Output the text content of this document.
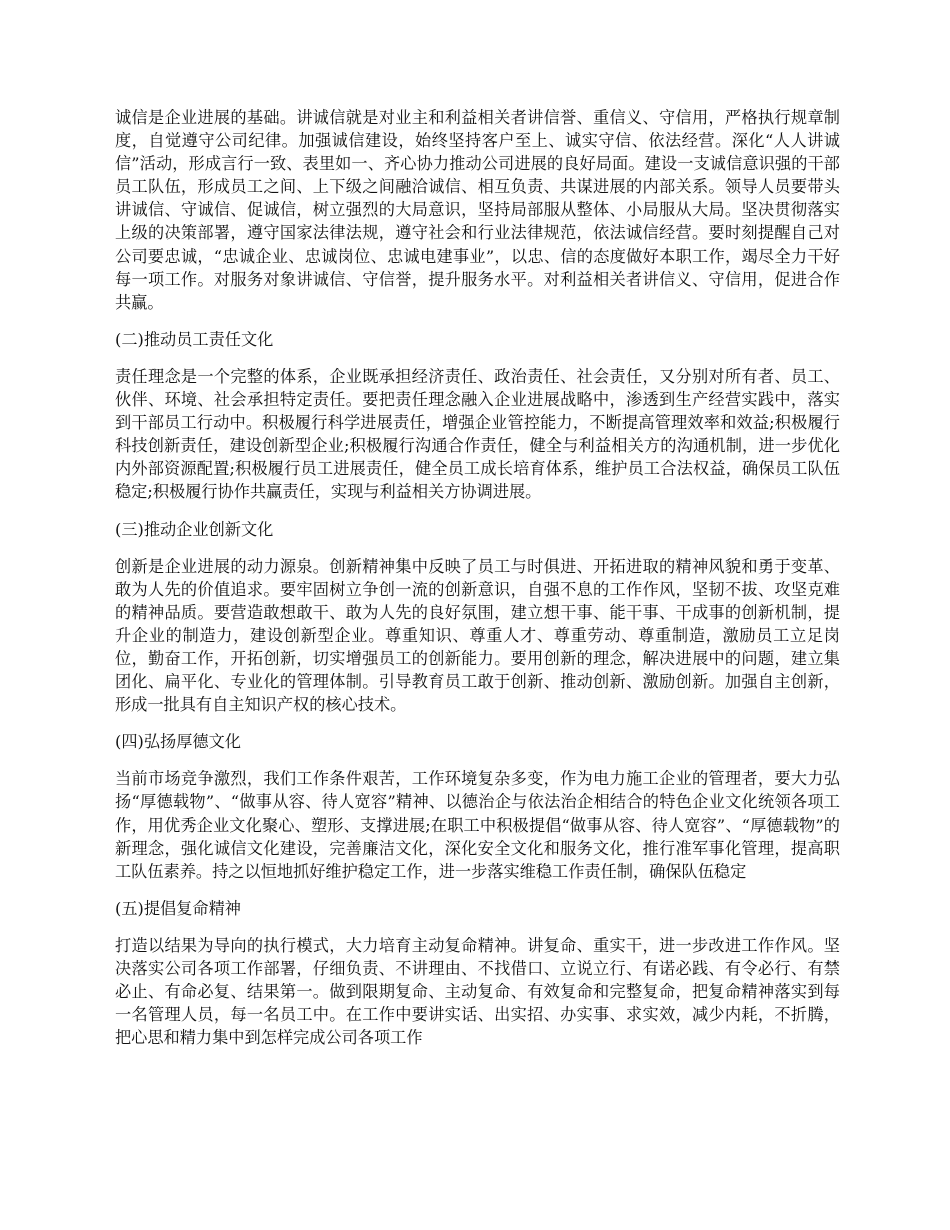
诚信是企业进展的基础。讲诚信就是对业主和利益相关者讲信誉、重信义、守信用，严格执行规章制度，自觉遵守公司纪律。加强诚信建设，始终坚持客户至上、诚实守信、依法经营。深化“人人讲诚信”活动，形成言行一致、表里如一、齐心协力推动公司进展的良好局面。建设一支诚信意识强的干部员工队伍，形成员工之间、上下级之间融洽诚信、相互负责、共谋进展的内部关系。领导人员要带头讲诚信、守诚信、促诚信，树立强烈的大局意识，坚持局部服从整体、小局服从大局。坚决贯彻落实上级的决策部署，遵守国家法律法规，遵守社会和行业法律规范，依法诚信经营。要时刻提醒自己对公司要忠诚，“忠诚企业、忠诚岗位、忠诚电建事业”，以忠、信的态度做好本职工作，竭尽全力干好每一项工作。对服务对象讲诚信、守信誉，提升服务水平。对利益相关者讲信义、守信用，促进合作共赢。

(二)推动员工责任文化

责任理念是一个完整的体系，企业既承担经济责任、政治责任、社会责任，又分别对所有者、员工、伙伴、环境、社会承担特定责任。要把责任理念融入企业进展战略中，渗透到生产经营实践中，落实到干部员工行动中。积极履行科学进展责任，增强企业管控能力，不断提高管理效率和效益;积极履行科技创新责任，建设创新型企业;积极履行沟通合作责任，健全与利益相关方的沟通机制，进一步优化内外部资源配置;积极履行员工进展责任，健全员工成长培育体系，维护员工合法权益，确保员工队伍稳定;积极履行协作共赢责任，实现与利益相关方协调进展。

(三)推动企业创新文化

创新是企业进展的动力源泉。创新精神集中反映了员工与时俱进、开拓进取的精神风貌和勇于变革、敢为人先的价值追求。要牢固树立争创一流的创新意识，自强不息的工作作风，坚韧不拔、攻坚克难的精神品质。要营造敢想敢干、敢为人先的良好氛围，建立想干事、能干事、干成事的创新机制，提升企业的制造力，建设创新型企业。尊重知识、尊重人才、尊重劳动、尊重制造，激励员工立足岗位，勤奋工作，开拓创新，切实增强员工的创新能力。要用创新的理念，解决进展中的问题，建立集团化、扁平化、专业化的管理体制。引导教育员工敢于创新、推动创新、激励创新。加强自主创新，形成一批具有自主知识产权的核心技术。

(四)弘扬厚德文化

当前市场竞争激烈，我们工作条件艰苦，工作环境复杂多变，作为电力施工企业的管理者，要大力弘扬“厚德载物”、“做事从容、待人宽容”精神、以德治企与依法治企相结合的特色企业文化统领各项工作，用优秀企业文化聚心、塑形、支撑进展;在职工中积极提倡“做事从容、待人宽容”、“厚德载物”的新理念，强化诚信文化建设，完善廉洁文化，深化安全文化和服务文化，推行准军事化管理，提高职工队伍素养。持之以恒地抓好维护稳定工作，进一步落实维稳工作责任制，确保队伍稳定

(五)提倡复命精神

打造以结果为导向的执行模式，大力培育主动复命精神。讲复命、重实干，进一步改进工作作风。坚决落实公司各项工作部署，仔细负责、不讲理由、不找借口、立说立行、有诺必践、有令必行、有禁必止、有命必复、结果第一。做到限期复命、主动复命、有效复命和完整复命，把复命精神落实到每一名管理人员，每一名员工中。在工作中要讲实话、出实招、办实事、求实效，减少内耗，不折腾，把心思和精力集中到怎样完成公司各项工作
